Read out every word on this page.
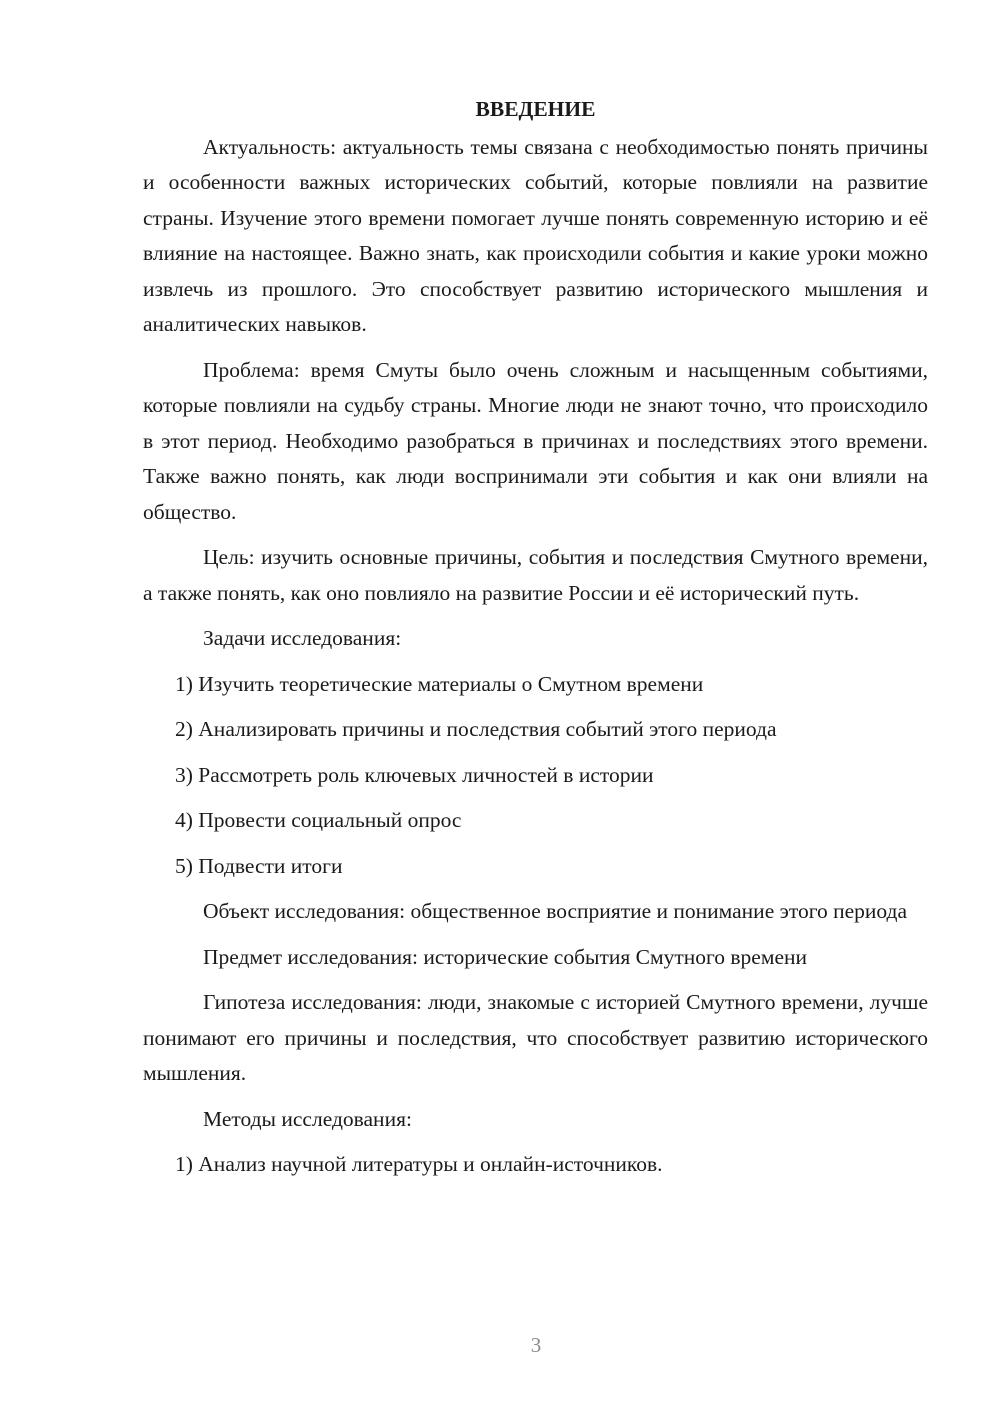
ВВЕДЕНИЕ

Актуальность: актуальность темы связана с необходимостью понять причины и особенности важных исторических событий, которые повлияли на развитие страны. Изучение этого времени помогает лучше понять современную историю и её влияние на настоящее. Важно знать, как происходили события и какие уроки можно извлечь из прошлого. Это способствует развитию исторического мышления и аналитических навыков.

Проблема: время Смуты было очень сложным и насыщенным событиями, которые повлияли на судьбу страны. Многие люди не знают точно, что происходило в этот период. Необходимо разобраться в причинах и последствиях этого времени. Также важно понять, как люди воспринимали эти события и как они влияли на общество.

Цель: изучить основные причины, события и последствия Смутного времени, а также понять, как оно повлияло на развитие России и её исторический путь.

Задачи исследования:

1) Изучить теоретические материалы о Смутном времени

2) Анализировать причины и последствия событий этого периода

3) Рассмотреть роль ключевых личностей в истории

4) Провести социальный опрос

5) Подвести итоги

Объект исследования: общественное восприятие и понимание этого периода

Предмет исследования: исторические события Смутного времени

Гипотеза исследования: люди, знакомые с историей Смутного времени, лучше понимают его причины и последствия, что способствует развитию исторического мышления.

Методы исследования:

1) Анализ научной литературы и онлайн-источников.

3
